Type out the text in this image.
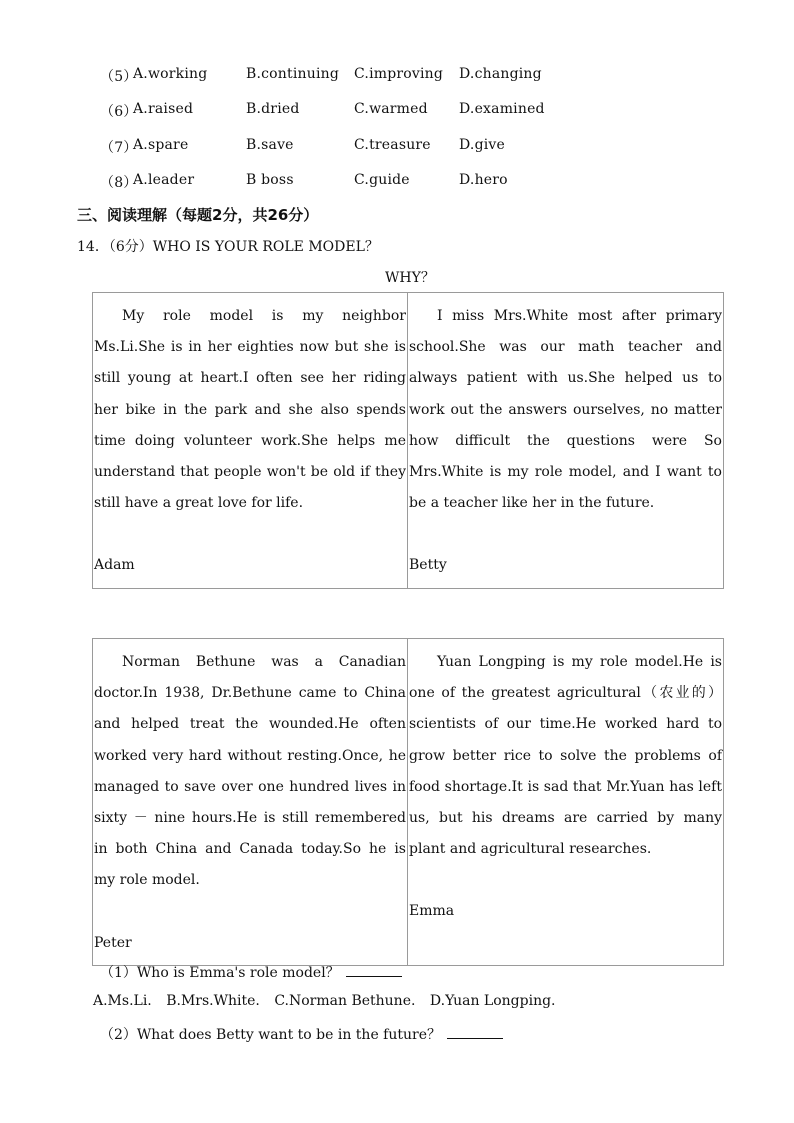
（5）
A.working	B.continuing C.improving D.changing
（6）
A.raised	B.dried	C.warmed D.examined
（7）
A.spare	B.save	C.treasure D.give
（8）
A.leader	B boss	C.guide	D.hero
三、阅读理解（每题2分，共26分）
14．（6分）WHO IS YOUR ROLE MODEL？
WHY？

My role model is my neighbor Ms.Li.She is in her eighties now but she is still young at heart.I often see her riding her bike in the park and she also spends time doing volunteer work.She helps me understand that people won't be old if they still have a great love for life.

Adam

I miss Mrs.White most after primary school.She was our math teacher and always patient with us.She helped us to work out the answers ourselves, no matter how difficult the questions were So Mrs.White is my role model, and I want to be a teacher like her in the future.

Betty

Norman Bethune was a Canadian doctor.In 1938, Dr.Bethune came to China and helped treat the wounded.He often worked very hard without resting.Once, he managed to save over one hundred lives in sixty － nine hours.He is still remembered in both China and Canada today.So he is my role model.

Peter

Yuan Longping is my role model.He is one of the greatest agricultural（农业的）scientists of our time.He worked hard to grow better rice to solve the problems of food shortage.It is sad that Mr.Yuan has left us, but his dreams are carried by many plant and agricultural researches.

Emma

（1）Who is Emma's role model？
A.Ms.Li. B.Mrs.White. C.Norman Bethune. D.Yuan Longping.
（2）What does Betty want to be in the future？
